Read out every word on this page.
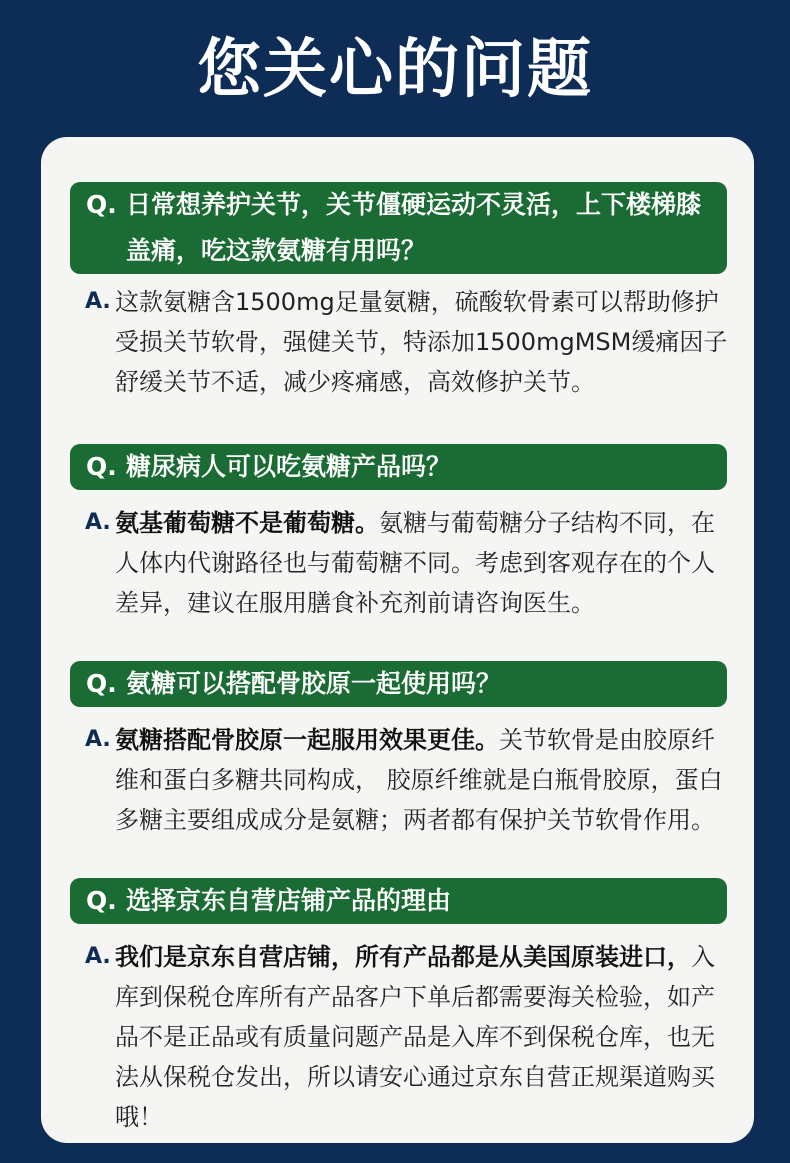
您关心的问题
Q. 日常想养护关节，关节僵硬运动不灵活，上下楼梯膝盖痛，吃这款氨糖有用吗？
A. 这款氨糖含1500mg足量氨糖，硫酸软骨素可以帮助修护受损关节软骨，强健关节，特添加1500mgMSM缓痛因子舒缓关节不适，减少疼痛感，高效修护关节。
Q. 糖尿病人可以吃氨糖产品吗？
A. 氨基葡萄糖不是葡萄糖。氨糖与葡萄糖分子结构不同，在人体内代谢路径也与葡萄糖不同。考虑到客观存在的个人差异，建议在服用膳食补充剂前请咨询医生。
Q. 氨糖可以搭配骨胶原一起使用吗？
A. 氨糖搭配骨胶原一起服用效果更佳。关节软骨是由胶原纤维和蛋白多糖共同构成， 胶原纤维就是白瓶骨胶原，蛋白多糖主要组成成分是氨糖；两者都有保护关节软骨作用。
Q. 选择京东自营店铺产品的理由
A. 我们是京东自营店铺，所有产品都是从美国原装进口，入库到保税仓库所有产品客户下单后都需要海关检验，如产品不是正品或有质量问题产品是入库不到保税仓库，也无法从保税仓发出，所以请安心通过京东自营正规渠道购买哦！
